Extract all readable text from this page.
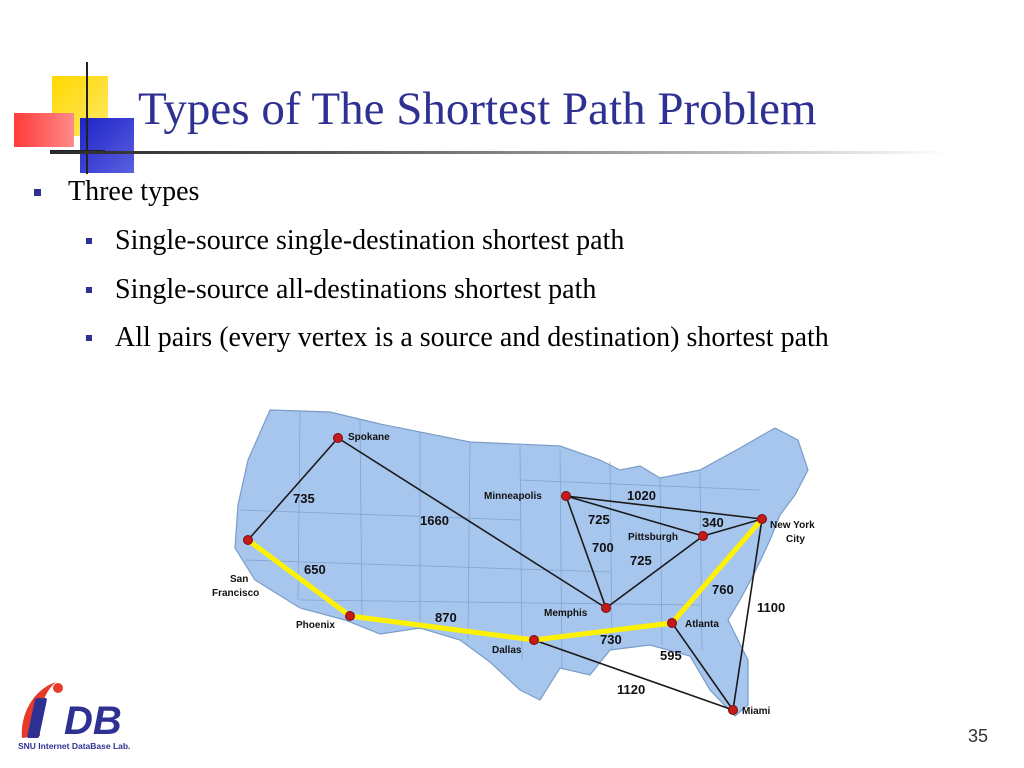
Types of The Shortest Path Problem
Three types
Single-source single-destination shortest path
Single-source all-destinations shortest path
All pairs (every vertex is a source and destination) shortest path
Spokane
Minneapolis
Pittsburgh
New York
City
San
Francisco
Phoenix
Dallas
Memphis
Atlanta
Miami
735
1660
650
870
1020
725	340
700
725
760
730
1100
595
1120
DB
SNU Internet DataBase Lab.	35
